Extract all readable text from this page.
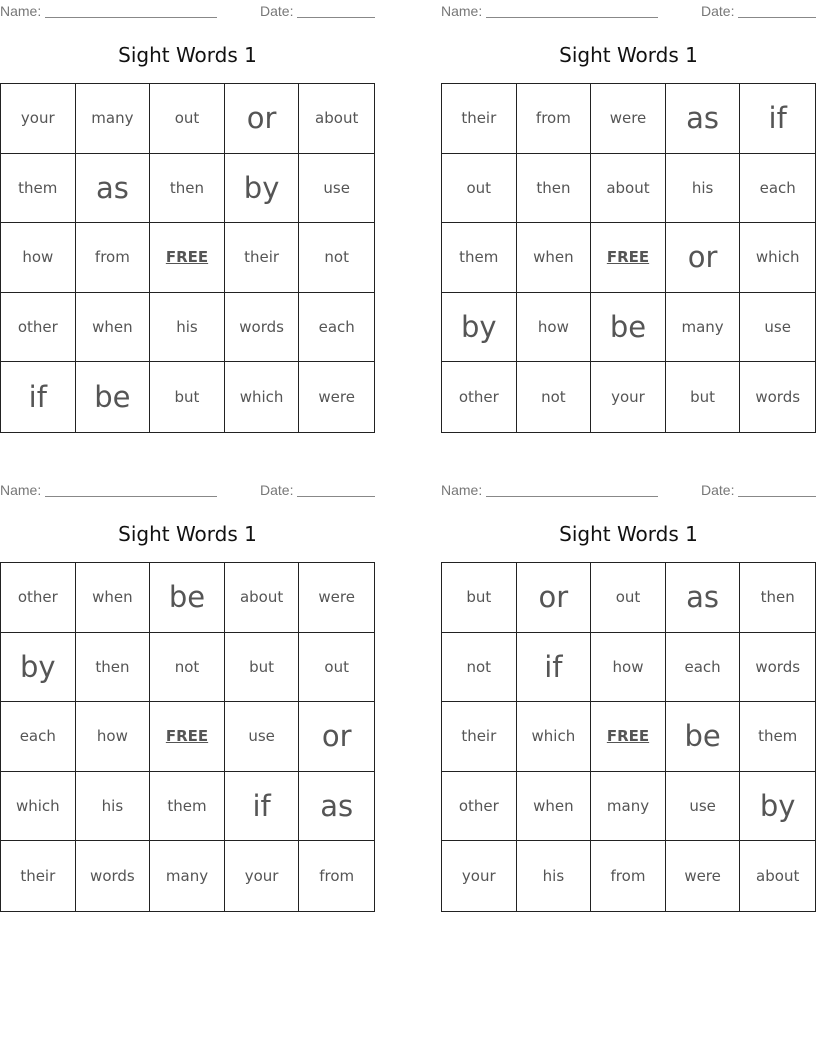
Name:	Date:
Sight Words 1
your	many	out	or	about
them	as	then	by	use
how	from	FREE	their	not
other	when	his	words	each
if	be	but	which	were
Name:	Date:
Sight Words 1
their	from	were	as	if
out	then	about	his	each
them	when	FREE	or	which
by	how	be	many	use
other	not	your	but	words
Name:	Date:
Sight Words 1
other	when	be	about	were
by	then	not	but	out
each	how	FREE	use	or
which	his	them	if	as
their	words	many	your	from
Name:	Date:
Sight Words 1
but	or	out	as	then
not	if	how	each	words
their	which	FREE	be	them
other	when	many	use	by
your	his	from	were	about
